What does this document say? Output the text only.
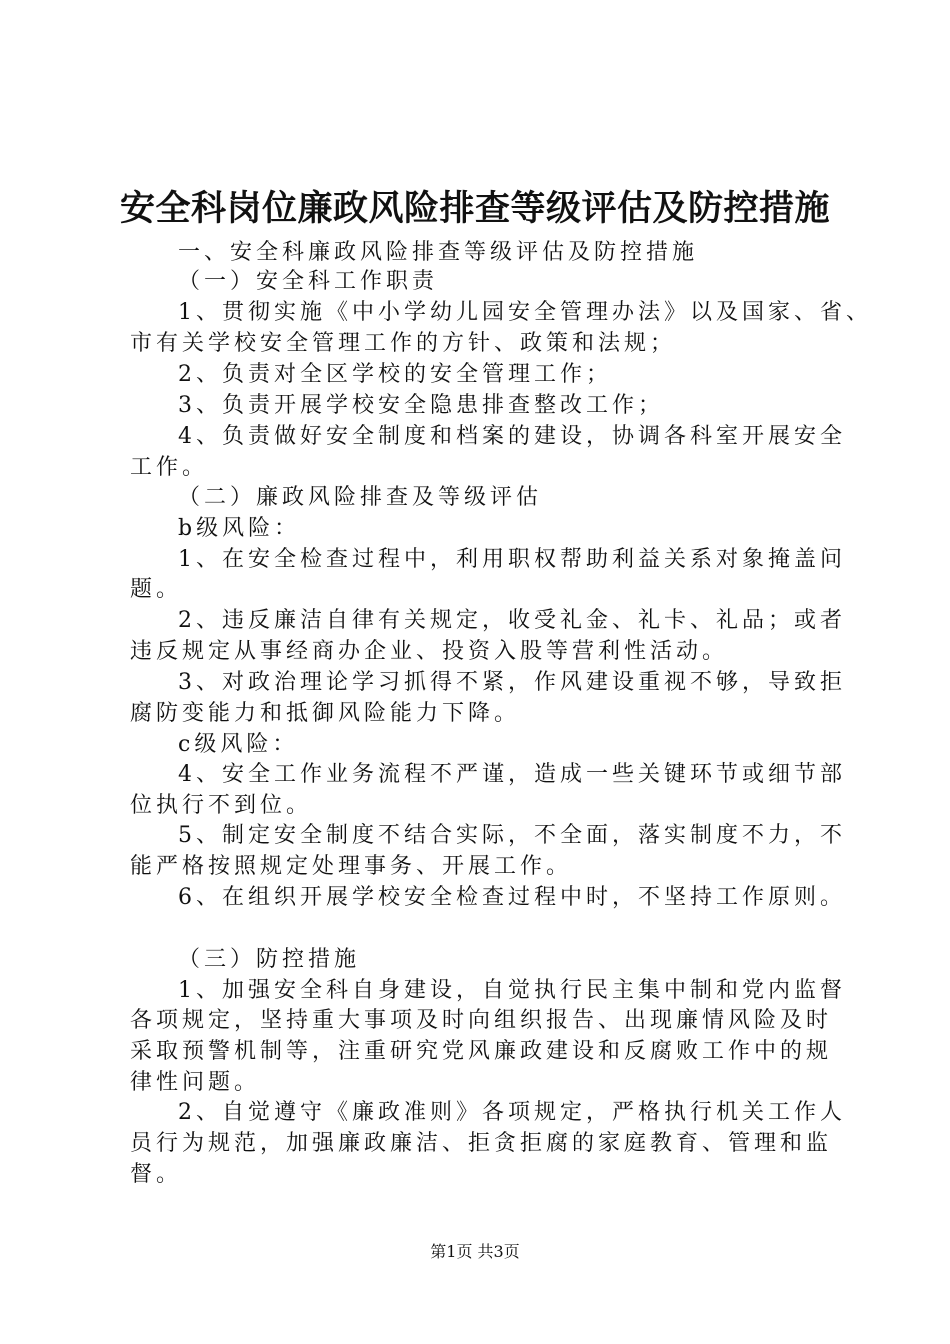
安全科岗位廉政风险排查等级评估及防控措施

一、安全科廉政风险排查等级评估及防控措施

（一）安全科工作职责

1、贯彻实施《中小学幼儿园安全管理办法》以及国家、省、

市有关学校安全管理工作的方针、政策和法规；

2、负责对全区学校的安全管理工作；

3、负责开展学校安全隐患排查整改工作；

4、负责做好安全制度和档案的建设，协调各科室开展安全

工作。

（二）廉政风险排查及等级评估

b级风险：

1、在安全检查过程中，利用职权帮助利益关系对象掩盖问

题。

2、违反廉洁自律有关规定，收受礼金、礼卡、礼品；或者

违反规定从事经商办企业、投资入股等营利性活动。

3、对政治理论学习抓得不紧，作风建设重视不够，导致拒

腐防变能力和抵御风险能力下降。

c级风险：

4、安全工作业务流程不严谨，造成一些关键环节或细节部

位执行不到位。

5、制定安全制度不结合实际，不全面，落实制度不力，不

能严格按照规定处理事务、开展工作。

6、在组织开展学校安全检查过程中时，不坚持工作原则。

（三）防控措施

1、加强安全科自身建设，自觉执行民主集中制和党内监督

各项规定，坚持重大事项及时向组织报告、出现廉情风险及时

采取预警机制等，注重研究党风廉政建设和反腐败工作中的规

律性问题。

2、自觉遵守《廉政准则》各项规定，严格执行机关工作人

员行为规范，加强廉政廉洁、拒贪拒腐的家庭教育、管理和监

督。

第1页 共3页
